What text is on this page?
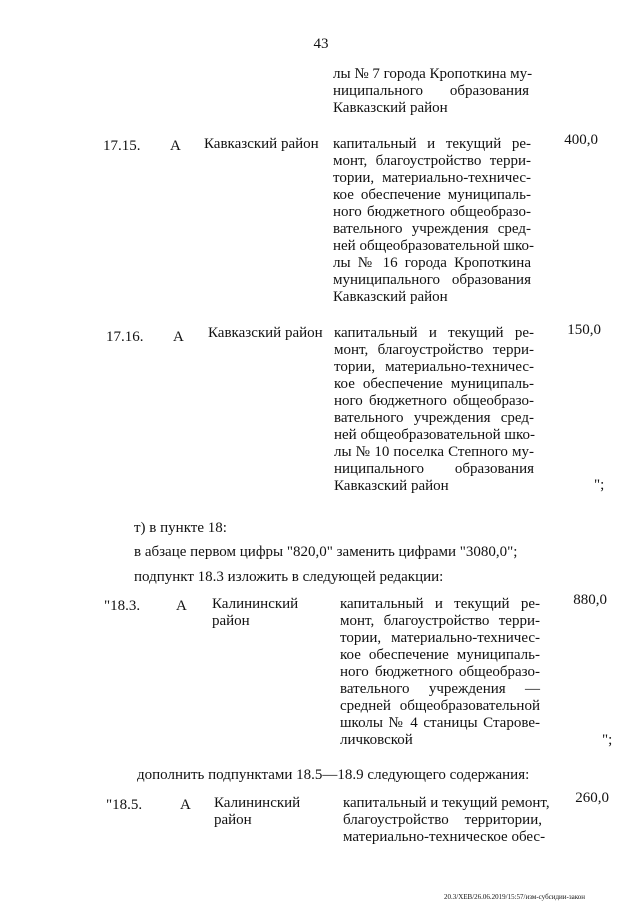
43
лы № 7 города Кропоткина му-
ниципального образования
Кавказский район
17.15. А Кавказский район капитальный и текущий ре-
монт, благоустройство терри-
тории, материально-техничес-
кое обеспечение муниципаль-
ного бюджетного общеобразо-
вательного учреждения сред-
ней общеобразовательной шко-
лы № 16 города Кропоткина
муниципального образования
Кавказский район
400,0
17.16. А Кавказский район капитальный и текущий ре-
монт, благоустройство терри-
тории, материально-техничес-
кое обеспечение муниципаль-
ного бюджетного общеобразо-
вательного учреждения сред-
ней общеобразовательной шко-
лы № 10 поселка Степного му-
ниципального образования
Кавказский район
150,0
";
т) в пункте 18:
в абзаце первом цифры "820,0" заменить цифрами "3080,0";
подпункт 18.3 изложить в следующей редакции:
"18.3. А Калининский
район
капитальный и текущий ре-
монт, благоустройство терри-
тории, материально-техничес-
кое обеспечение муниципаль-
ного бюджетного общеобразо-
вательного учреждения —
средней общеобразовательной
школы № 4 станицы Старове-
личковской
880,0
";
дополнить подпунктами 18.5—18.9 следующего содержания:
"18.5.	А Калининский
район
капитальный и текущий ремонт,
благоустройство территории,
материально-техническое обес-
260,0
20.3/ХЕВ/26.06.2019/15:57/изм-субсидии-закон
